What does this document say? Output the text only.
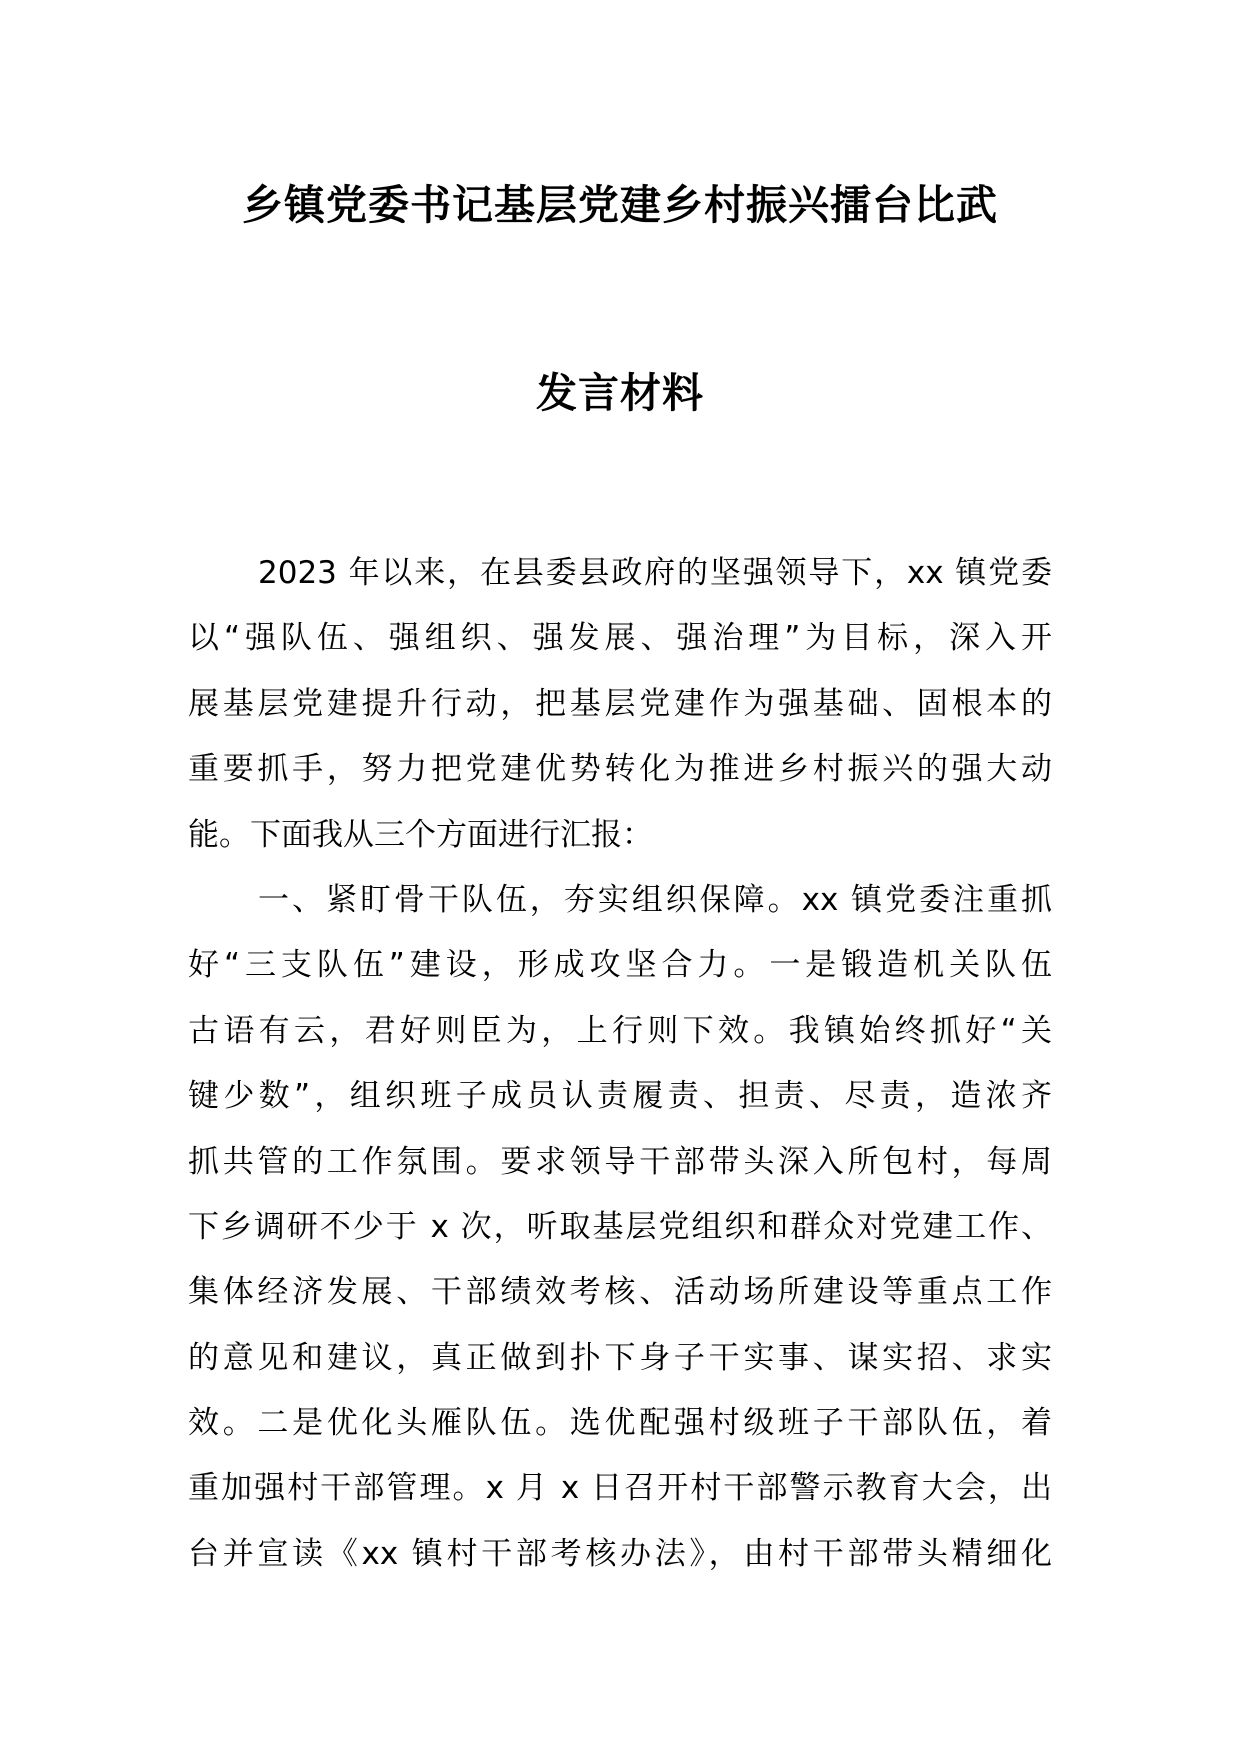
乡镇党委书记基层党建乡村振兴擂台比武
发言材料
2023 年以来，在县委县政府的坚强领导下，xx 镇党委
以“强队伍、强组织、强发展、强治理”为目标，深入开
展基层党建提升行动，把基层党建作为强基础、固根本的
重要抓手，努力把党建优势转化为推进乡村振兴的强大动
能。下面我从三个方面进行汇报：
一、紧盯骨干队伍，夯实组织保障。xx 镇党委注重抓
好“三支队伍”建设，形成攻坚合力。一是锻造机关队伍
古语有云，君好则臣为，上行则下效。我镇始终抓好“关
键少数”，组织班子成员认责履责、担责、尽责，造浓齐
抓共管的工作氛围。要求领导干部带头深入所包村，每周
下乡调研不少于 x 次，听取基层党组织和群众对党建工作、
集体经济发展、干部绩效考核、活动场所建设等重点工作
的意见和建议，真正做到扑下身子干实事、谋实招、求实
效。二是优化头雁队伍。选优配强村级班子干部队伍，着
重加强村干部管理。x 月 x 日召开村干部警示教育大会，出
台并宣读《xx 镇村干部考核办法》，由村干部带头精细化
